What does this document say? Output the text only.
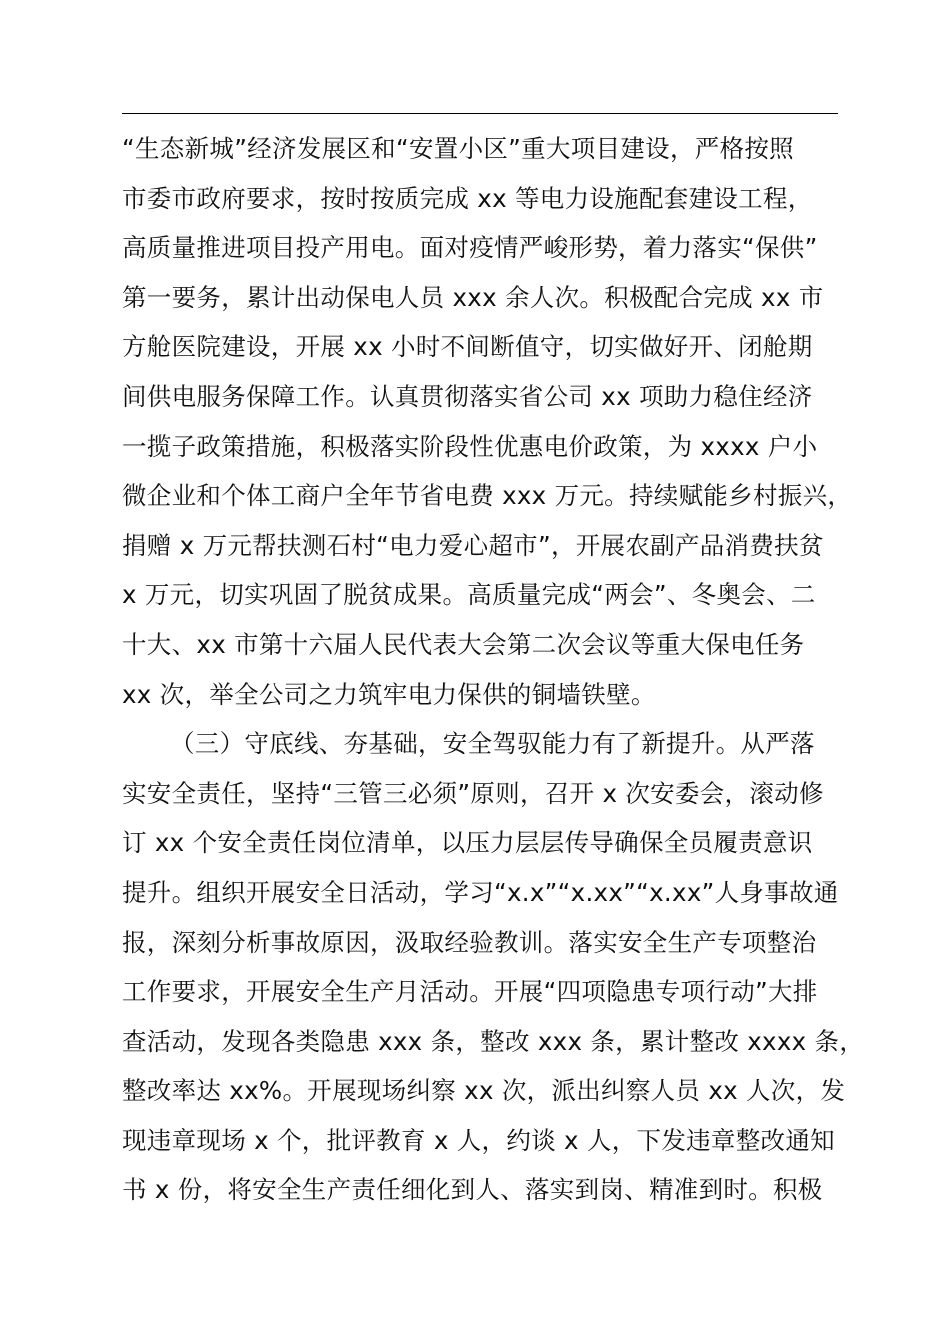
“生态新城”经济发展区和“安置小区”重大项目建设，严格按照
市委市政府要求，按时按质完成 xx 等电力设施配套建设工程，
高质量推进项目投产用电。面对疫情严峻形势，着力落实“保供”
第一要务，累计出动保电人员 xxx 余人次。积极配合完成 xx 市
方舱医院建设，开展 xx 小时不间断值守，切实做好开、闭舱期
间供电服务保障工作。认真贯彻落实省公司 xx 项助力稳住经济
一揽子政策措施，积极落实阶段性优惠电价政策，为 xxxx 户小
微企业和个体工商户全年节省电费 xxx 万元。持续赋能乡村振兴，
捐赠 x 万元帮扶测石村“电力爱心超市”，开展农副产品消费扶贫
x 万元，切实巩固了脱贫成果。高质量完成“两会”、冬奥会、二
十大、xx 市第十六届人民代表大会第二次会议等重大保电任务
xx 次，举全公司之力筑牢电力保供的铜墙铁壁。
（三）守底线、夯基础，安全驾驭能力有了新提升。从严落
实安全责任，坚持“三管三必须”原则，召开 x 次安委会，滚动修
订 xx 个安全责任岗位清单，以压力层层传导确保全员履责意识
提升。组织开展安全日活动，学习“x.x”“x.xx”“x.xx”人身事故通
报，深刻分析事故原因，汲取经验教训。落实安全生产专项整治
工作要求，开展安全生产月活动。开展“四项隐患专项行动”大排
查活动，发现各类隐患 xxx 条，整改 xxx 条，累计整改 xxxx 条，
整改率达 xx%。开展现场纠察 xx 次，派出纠察人员 xx 人次，发
现违章现场 x 个，批评教育 x 人，约谈 x 人，下发违章整改通知
书 x 份，将安全生产责任细化到人、落实到岗、精准到时。积极
